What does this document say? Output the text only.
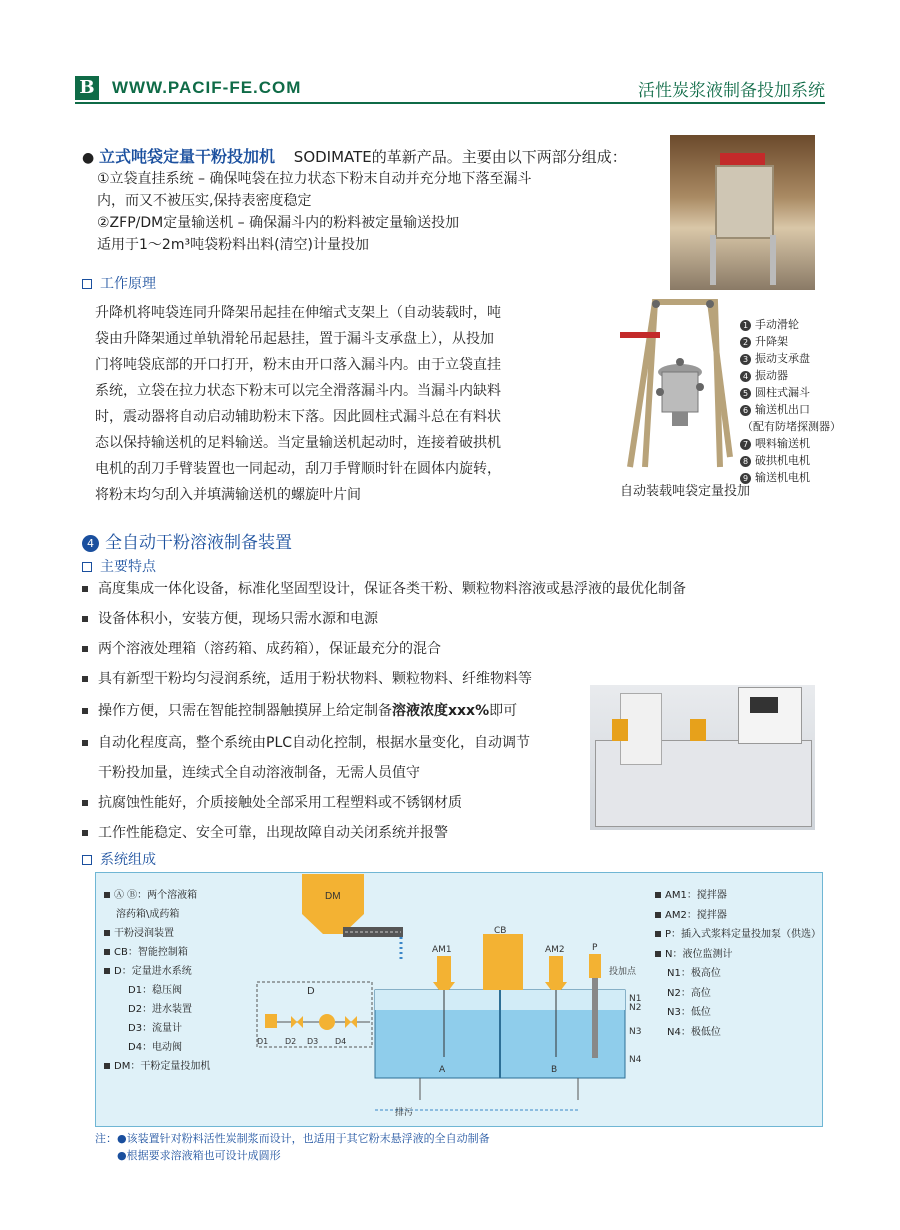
B WWW.PACIF-FE.COM	活性炭浆液制备投加系统
● 立式吨袋定量干粉投加机 SODIMATE的革新产品。主要由以下两部分组成：
①立袋直挂系统 – 确保吨袋在拉力状态下粉末自动并充分地下落至漏斗
内，而又不被压实,保持表密度稳定
②ZFP/DM定量输送机 – 确保漏斗内的粉料被定量输送投加
适用于1～2m³吨袋粉料出料(清空)计量投加
工作原理
升降机将吨袋连同升降架吊起挂在伸缩式支架上（自动装载时，吨
袋由升降架通过单轨滑轮吊起悬挂，置于漏斗支承盘上），从投加
门将吨袋底部的开口打开，粉末由开口落入漏斗内。由于立袋直挂
系统，立袋在拉力状态下粉末可以完全滑落漏斗内。当漏斗内缺料
时，震动器将自动启动辅助粉末下落。因此圆柱式漏斗总在有料状
态以保持输送机的足料输送。当定量输送机起动时，连接着破拱机
电机的刮刀手臂装置也一同起动，刮刀手臂顺时针在圆体内旋转，
将粉末均匀刮入并填满输送机的螺旋叶片间
1 手动滑轮
2 升降架
3 振动支承盘
4 振动器
5 圆柱式漏斗
6 输送机出口
（配有防堵探测器）
7 喂料输送机
8 破拱机电机
9 输送机电机
自动装载吨袋定量投加
4 全自动干粉溶液制备装置
主要特点
高度集成一体化设备，标准化坚固型设计，保证各类干粉、颗粒物料溶液或悬浮液的最优化制备
设备体积小，安装方便，现场只需水源和电源
两个溶液处理箱（溶药箱、成药箱），保证最充分的混合
具有新型干粉均匀浸润系统，适用于粉状物料、颗粒物料、纤维物料等
操作方便，只需在智能控制器触摸屏上给定制备溶液浓度xxx%即可
自动化程度高，整个系统由PLC自动化控制，根据水量变化，自动调节
干粉投加量，连续式全自动溶液制备，无需人员值守
抗腐蚀性能好，介质接触处全部采用工程塑料或不锈钢材质
工作性能稳定、安全可靠，出现故障自动关闭系统并报警
系统组成
Ⓐ Ⓑ：两个溶液箱
溶药箱\成药箱
干粉浸润装置
CB：智能控制箱
D：定量进水系统
D1：稳压阀
D2：进水装置
D3：流量计
D4：电动阀
DM：干粉定量投加机
DM
A	B
CB
AM1	AM2	P
投加点
N1
N2
N3
N4
D
D1 D2 D3 D4
排污
AM1：搅拌器
AM2：搅拌器
P：插入式浆料定量投加泵（供选）
N：液位监测计
N1：极高位
N2：高位
N3：低位
N4：极低位
注：●该装置针对粉料活性炭制浆而设计，也适用于其它粉末悬浮液的全自动制备
●根据要求溶液箱也可设计成圆形
